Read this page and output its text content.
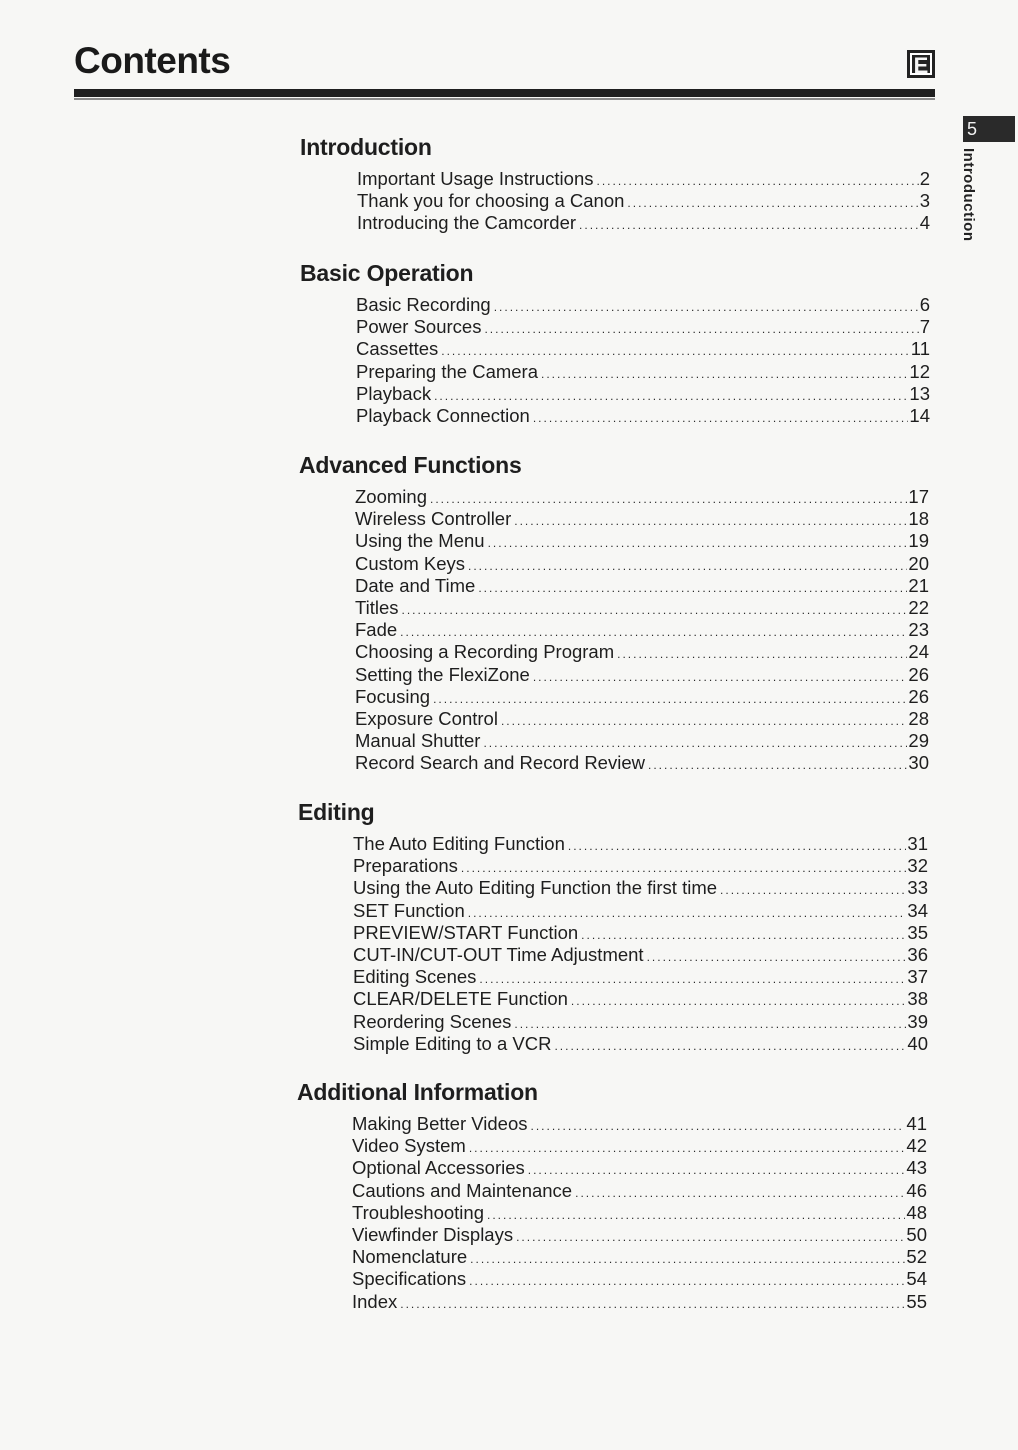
Contents	E
5
Introduction
Introduction
Important Usage Instructions .....	2
Thank you for choosing a Canon .....	3
Introducing the Camcorder .....	4
Basic Operation
Basic Recording .....	6
Power Sources .....	7
Cassettes .....	11
Preparing the Camera .....	12
Playback .....	13
Playback Connection .....	14
Advanced Functions
Zooming .....	17
Wireless Controller .....	18
Using the Menu .....	19
Custom Keys .....	20
Date and Time .....	21
Titles .....	22
Fade .....	23
Choosing a Recording Program .....	24
Setting the FlexiZone .....	26
Focusing .....	26
Exposure Control .....	28
Manual Shutter .....	29
Record Search and Record Review .....	30
Editing
The Auto Editing Function .....	31
Preparations .....	32
Using the Auto Editing Function the first time .....	33
SET Function .....	34
PREVIEW/START Function .....	35
CUT-IN/CUT-OUT Time Adjustment .....	36
Editing Scenes .....	37
CLEAR/DELETE Function .....	38
Reordering Scenes .....	39
Simple Editing to a VCR .....	40
Additional Information
Making Better Videos .....	41
Video System .....	42
Optional Accessories .....	43
Cautions and Maintenance .....	46
Troubleshooting .....	48
Viewfinder Displays .....	50
Nomenclature .....	52
Specifications .....	54
Index .....	55
